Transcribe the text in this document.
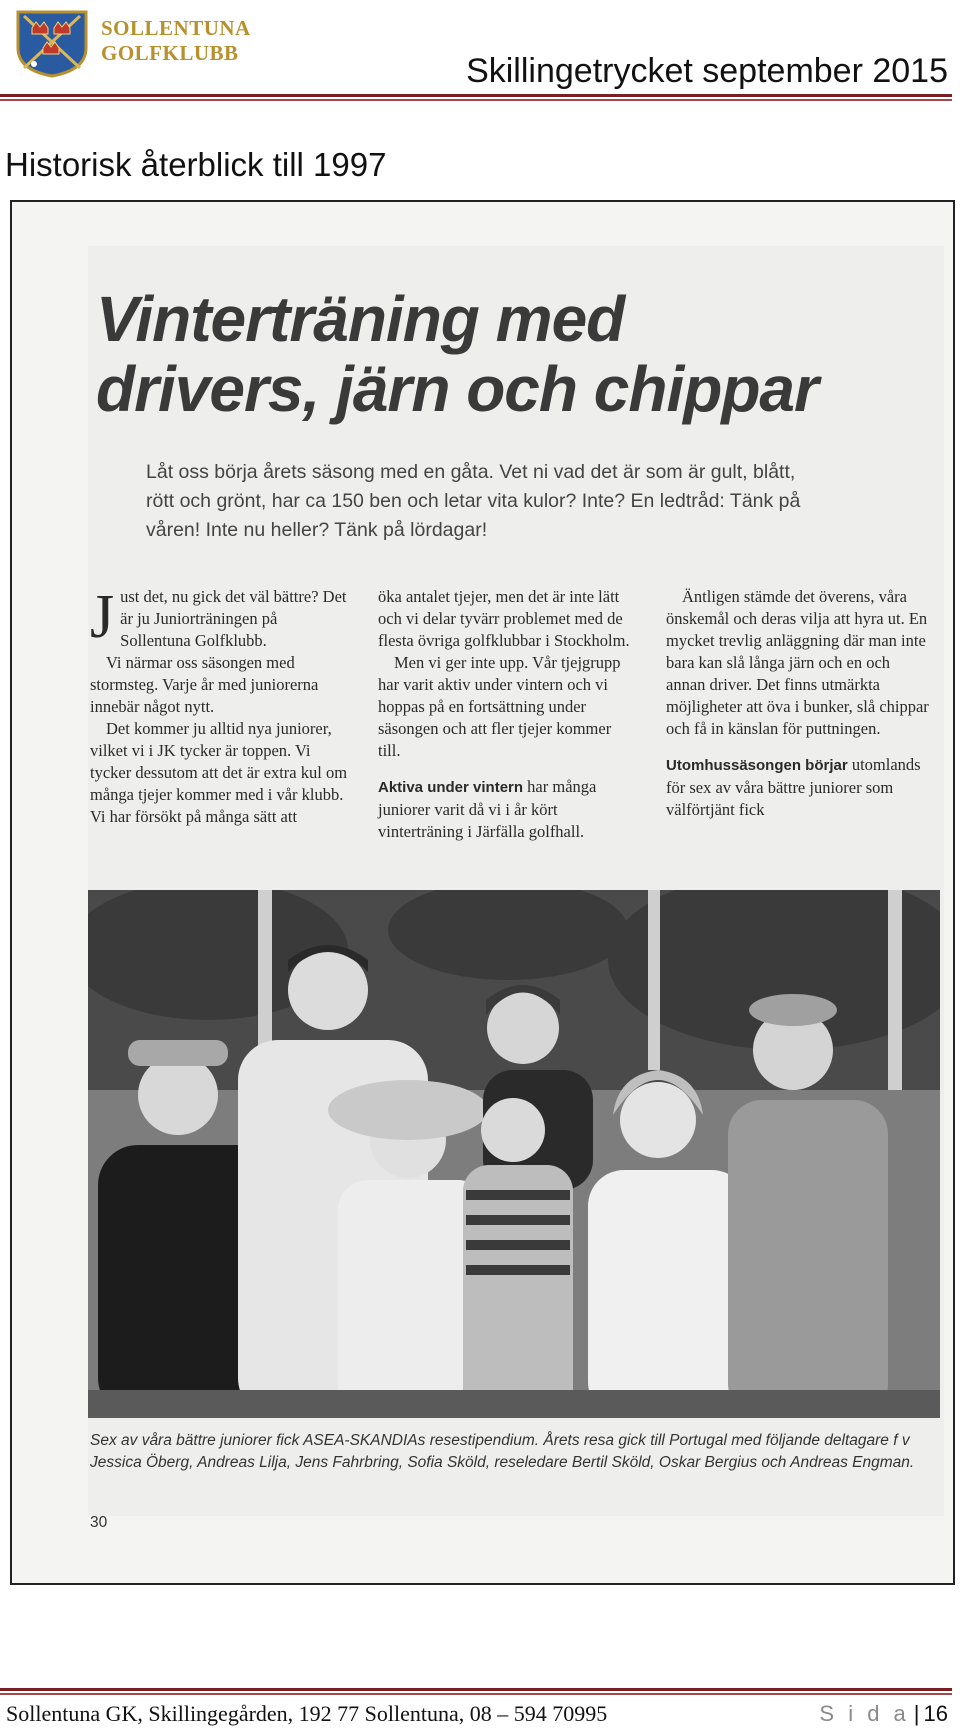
SOLLENTUNA
GOLFKLUBB	Skillingetrycket september 2015
Historisk återblick till 1997
Vinterträning med
drivers, järn och chippar
Låt oss börja årets säsong med en gåta. Vet ni vad det är som är gult, blått, rött och grönt, har ca 150 ben och letar vita kulor? Inte? En ledtråd: Tänk på våren! Inte nu heller? Tänk på lördagar!

Just det, nu gick det väl bättre? Det är ju Juniorträningen på Sollentuna Golfklubb.

Vi närmar oss säsongen med stormsteg. Varje år med juniorerna innebär något nytt.

Det kommer ju alltid nya juniorer, vilket vi i JK tycker är toppen. Vi tycker dessutom att det är extra kul om många tjejer kommer med i vår klubb. Vi har försökt på många sätt att

öka antalet tjejer, men det är inte lätt och vi delar tyvärr problemet med de flesta övriga golfklubbar i Stockholm.

Men vi ger inte upp. Vår tjejgrupp har varit aktiv under vintern och vi hoppas på en fortsättning under säsongen och att fler tjejer kommer till.

Aktiva under vintern har många juniorer varit då vi i år kört vinterträning i Järfälla golfhall.

Äntligen stämde det överens, våra önskemål och deras vilja att hyra ut. En mycket trevlig anläggning där man inte bara kan slå långa järn och en och annan driver. Det finns utmärkta möjligheter att öva i bunker, slå chippar och få in känslan för puttningen.

Utomhussäsongen börjar utomlands för sex av våra bättre juniorer som välförtjänt fick

Sex av våra bättre juniorer fick ASEA-SKANDIAs resestipendium. Årets resa gick till Portugal med följande deltagare f v Jessica Öberg, Andreas Lilja, Jens Fahrbring, Sofia Sköld, reseledare Bertil Sköld, Oskar Bergius och Andreas Engman.
30
Sollentuna GK, Skillingegården, 192 77 Sollentuna, 08 – 594 70995	S i d a | 16
